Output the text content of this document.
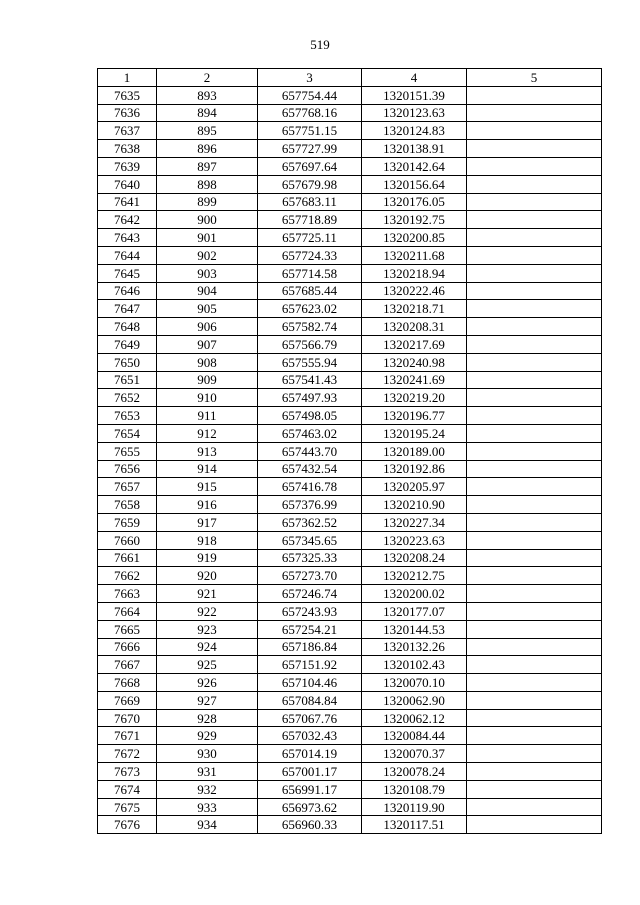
519
1	2	3	4	5
7635	893	657754.44	1320151.39	
7636	894	657768.16	1320123.63	
7637	895	657751.15	1320124.83	
7638	896	657727.99	1320138.91	
7639	897	657697.64	1320142.64	
7640	898	657679.98	1320156.64	
7641	899	657683.11	1320176.05	
7642	900	657718.89	1320192.75	
7643	901	657725.11	1320200.85	
7644	902	657724.33	1320211.68	
7645	903	657714.58	1320218.94	
7646	904	657685.44	1320222.46	
7647	905	657623.02	1320218.71	
7648	906	657582.74	1320208.31	
7649	907	657566.79	1320217.69	
7650	908	657555.94	1320240.98	
7651	909	657541.43	1320241.69	
7652	910	657497.93	1320219.20	
7653	911	657498.05	1320196.77	
7654	912	657463.02	1320195.24	
7655	913	657443.70	1320189.00	
7656	914	657432.54	1320192.86	
7657	915	657416.78	1320205.97	
7658	916	657376.99	1320210.90	
7659	917	657362.52	1320227.34	
7660	918	657345.65	1320223.63	
7661	919	657325.33	1320208.24	
7662	920	657273.70	1320212.75	
7663	921	657246.74	1320200.02	
7664	922	657243.93	1320177.07	
7665	923	657254.21	1320144.53	
7666	924	657186.84	1320132.26	
7667	925	657151.92	1320102.43	
7668	926	657104.46	1320070.10	
7669	927	657084.84	1320062.90	
7670	928	657067.76	1320062.12	
7671	929	657032.43	1320084.44	
7672	930	657014.19	1320070.37	
7673	931	657001.17	1320078.24	
7674	932	656991.17	1320108.79	
7675	933	656973.62	1320119.90	
7676	934	656960.33	1320117.51	
